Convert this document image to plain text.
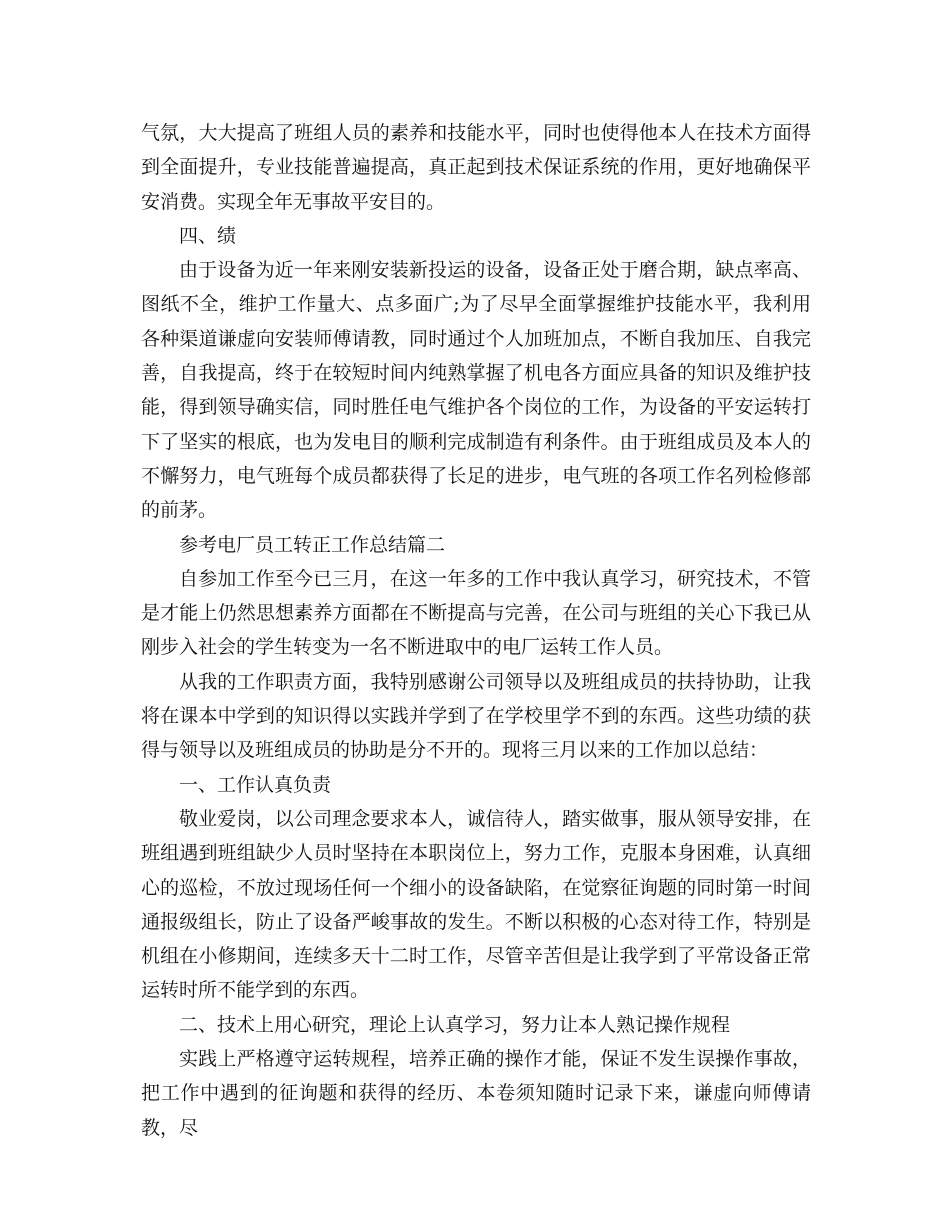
气氛，大大提高了班组人员的素养和技能水平，同时也使得他本人在技术方面得到全面提升，专业技能普遍提高，真正起到技术保证系统的作用，更好地确保平安消费。实现全年无事故平安目的。

四、绩

由于设备为近一年来刚安装新投运的设备，设备正处于磨合期，缺点率高、图纸不全，维护工作量大、点多面广;为了尽早全面掌握维护技能水平，我利用各种渠道谦虚向安装师傅请教，同时通过个人加班加点，不断自我加压、自我完善，自我提高，终于在较短时间内纯熟掌握了机电各方面应具备的知识及维护技能，得到领导确实信，同时胜任电气维护各个岗位的工作，为设备的平安运转打下了坚实的根底，也为发电目的顺利完成制造有利条件。由于班组成员及本人的不懈努力，电气班每个成员都获得了长足的进步，电气班的各项工作名列检修部的前茅。

参考电厂员工转正工作总结篇二

自参加工作至今已三月，在这一年多的工作中我认真学习，研究技术，不管是才能上仍然思想素养方面都在不断提高与完善，在公司与班组的关心下我已从刚步入社会的学生转变为一名不断进取中的电厂运转工作人员。

从我的工作职责方面，我特别感谢公司领导以及班组成员的扶持协助，让我将在课本中学到的知识得以实践并学到了在学校里学不到的东西。这些功绩的获得与领导以及班组成员的协助是分不开的。现将三月以来的工作加以总结：

一、工作认真负责

敬业爱岗，以公司理念要求本人，诚信待人，踏实做事，服从领导安排，在班组遇到班组缺少人员时坚持在本职岗位上，努力工作，克服本身困难，认真细心的巡检，不放过现场任何一个细小的设备缺陷，在觉察征询题的同时第一时间通报级组长，防止了设备严峻事故的发生。不断以积极的心态对待工作，特别是机组在小修期间，连续多天十二时工作，尽管辛苦但是让我学到了平常设备正常运转时所不能学到的东西。

二、技术上用心研究，理论上认真学习，努力让本人熟记操作规程

实践上严格遵守运转规程，培养正确的操作才能，保证不发生误操作事故，把工作中遇到的征询题和获得的经历、本卷须知随时记录下来，谦虚向师傅请教，尽
